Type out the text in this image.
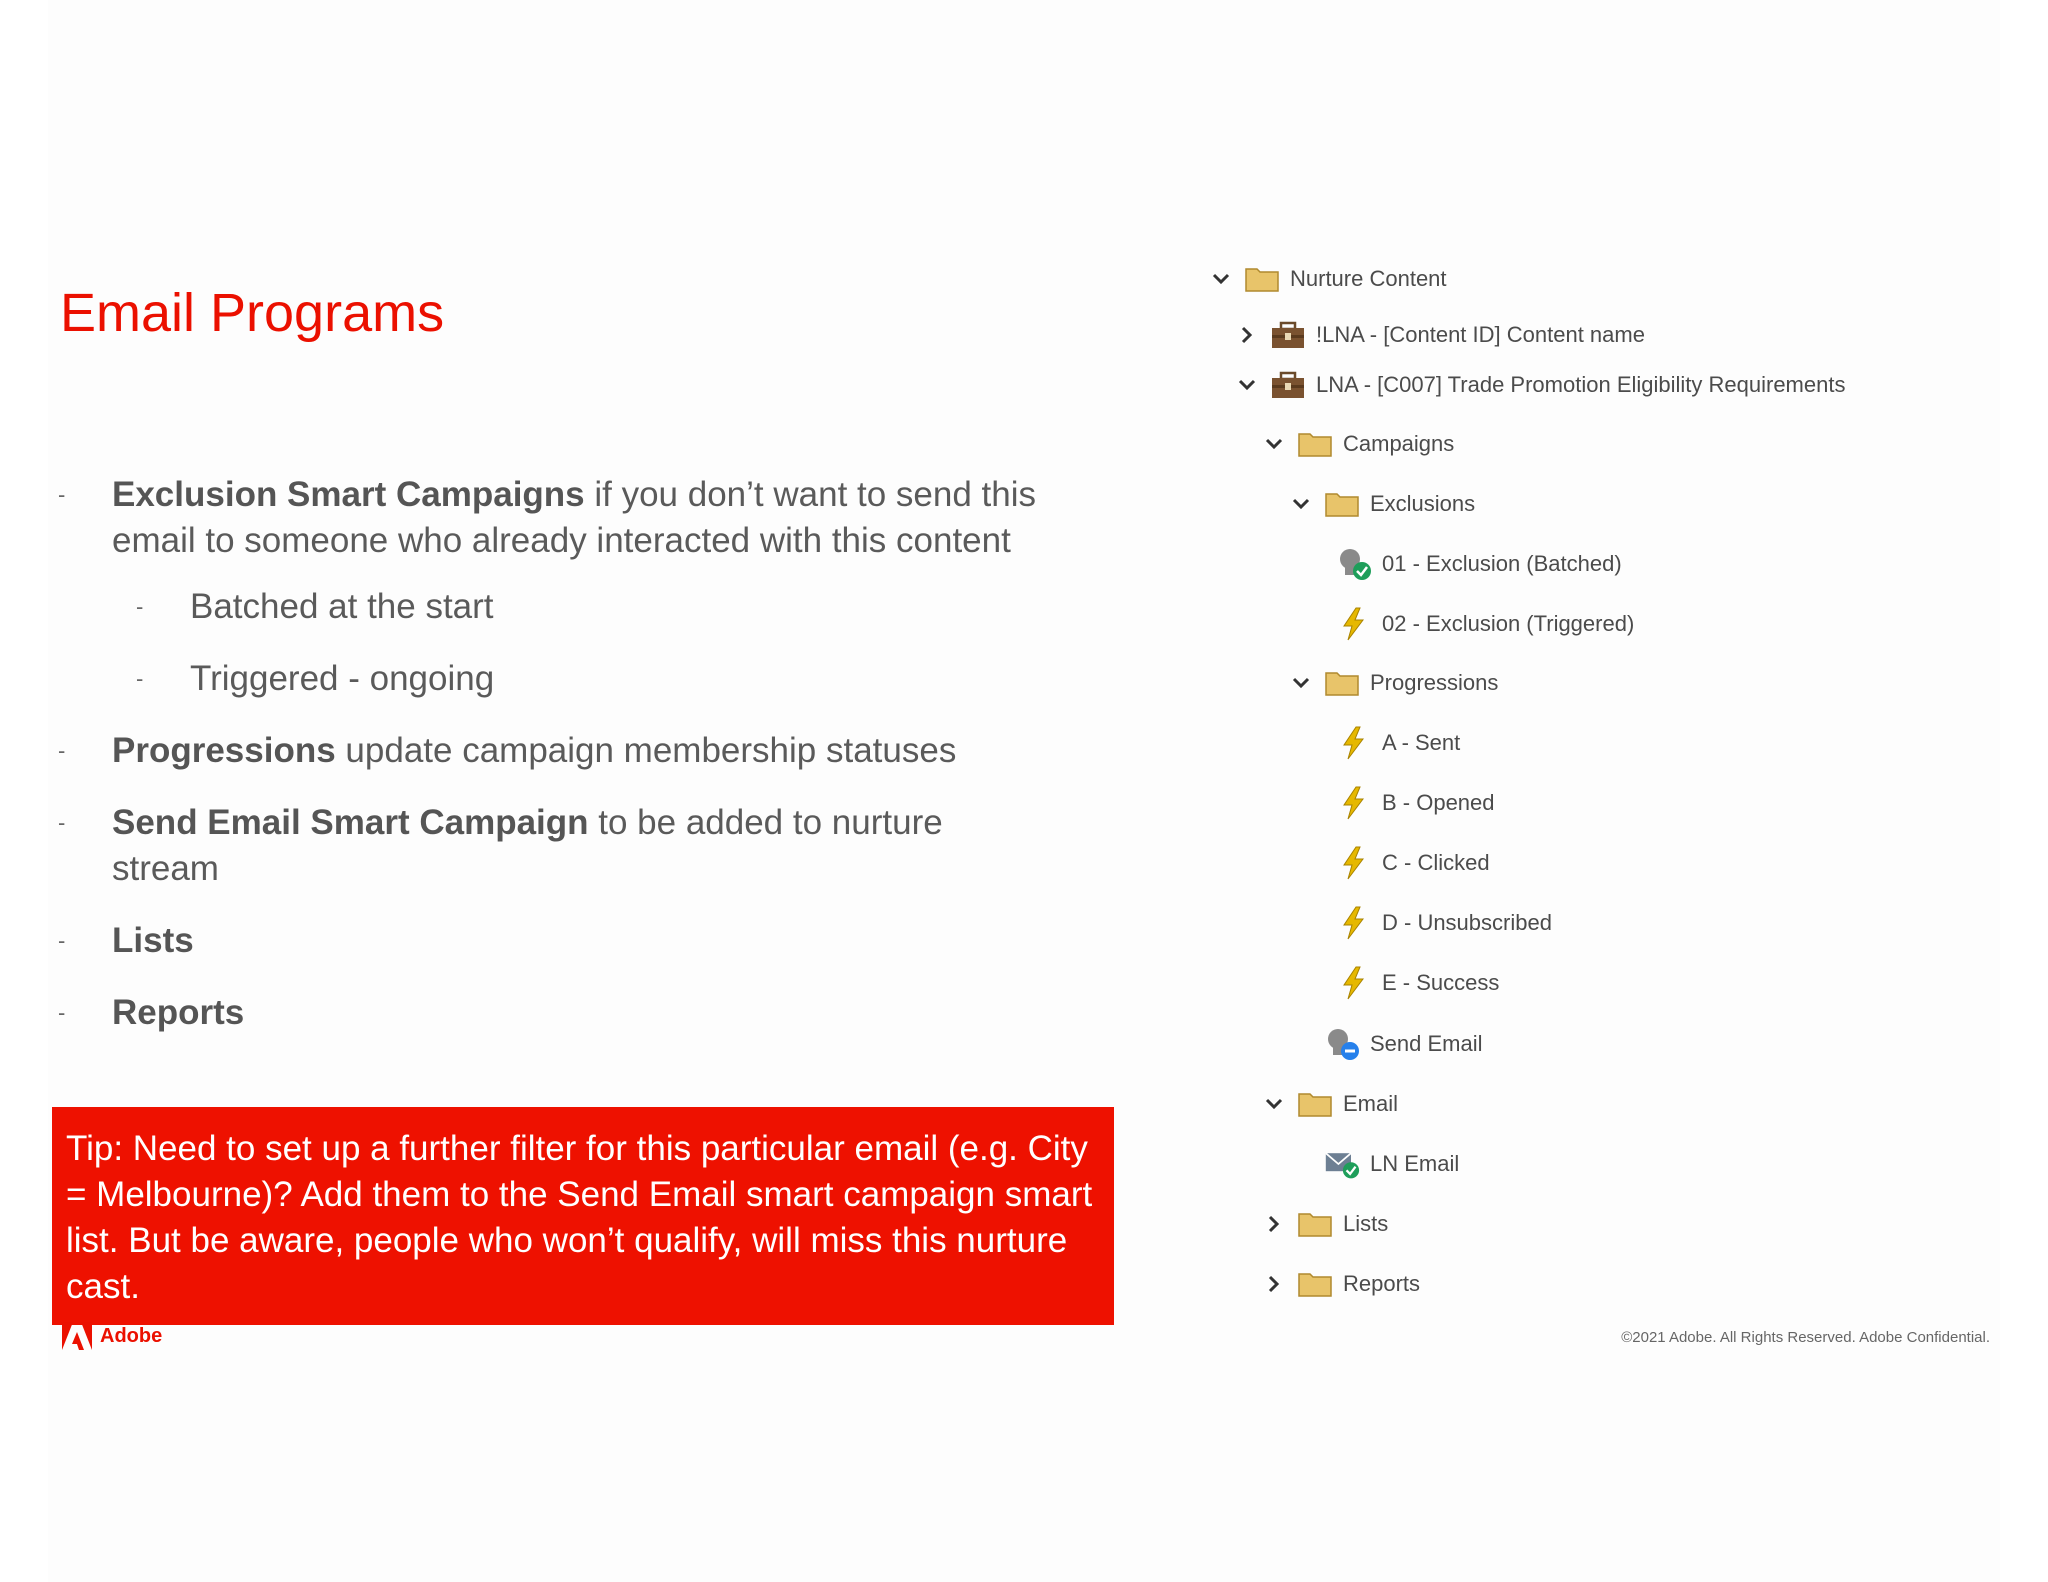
Email Programs
- Exclusion Smart Campaigns if you don’t want to send this email to someone who already interacted with this content
- Batched at the start
- Triggered - ongoing
- Progressions update campaign membership statuses
- Send Email Smart Campaign to be added to nurture stream
- Lists
- Reports
Tip: Need to set up a further filter for this particular email (e.g. City = Melbourne)? Add them to the Send Email smart campaign smart list. But be aware, people who won’t qualify, will miss this nurture cast.
Adobe	©2021 Adobe. All Rights Reserved. Adobe Confidential.
Nurture Content
!LNA - [Content ID] Content name
LNA - [C007] Trade Promotion Eligibility Requirements
Campaigns
Exclusions
01 - Exclusion (Batched)
02 - Exclusion (Triggered)
Progressions
A - Sent
B - Opened
C - Clicked
D - Unsubscribed
E - Success
Send Email
Email
LN Email
Lists
Reports
